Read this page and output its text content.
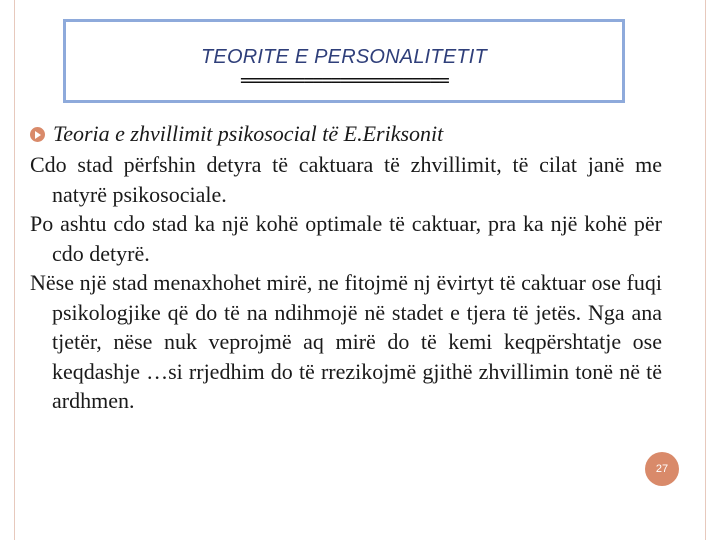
TEORITE E PERSONALITETIT
=======================
Teoria e zhvillimit psikosocial të E.Eriksonit
Cdo stad përfshin detyra të caktuara të zhvillimit, të cilat janë me natyrë psikosociale.
Po ashtu cdo stad ka një kohë optimale të caktuar, pra ka një kohë për cdo detyrë.
Nëse një stad menaxhohet mirë, ne fitojmë nj ëvirtyt të caktuar ose fuqi psikologjike që do të na ndihmojë në stadet e tjera të jetës. Nga ana tjetër, nëse nuk veprojmë aq mirë do të kemi keqpërshtatje ose keqdashje …si rrjedhim do të rrezikojmë gjithë zhvillimin tonë në të ardhmen.
27
